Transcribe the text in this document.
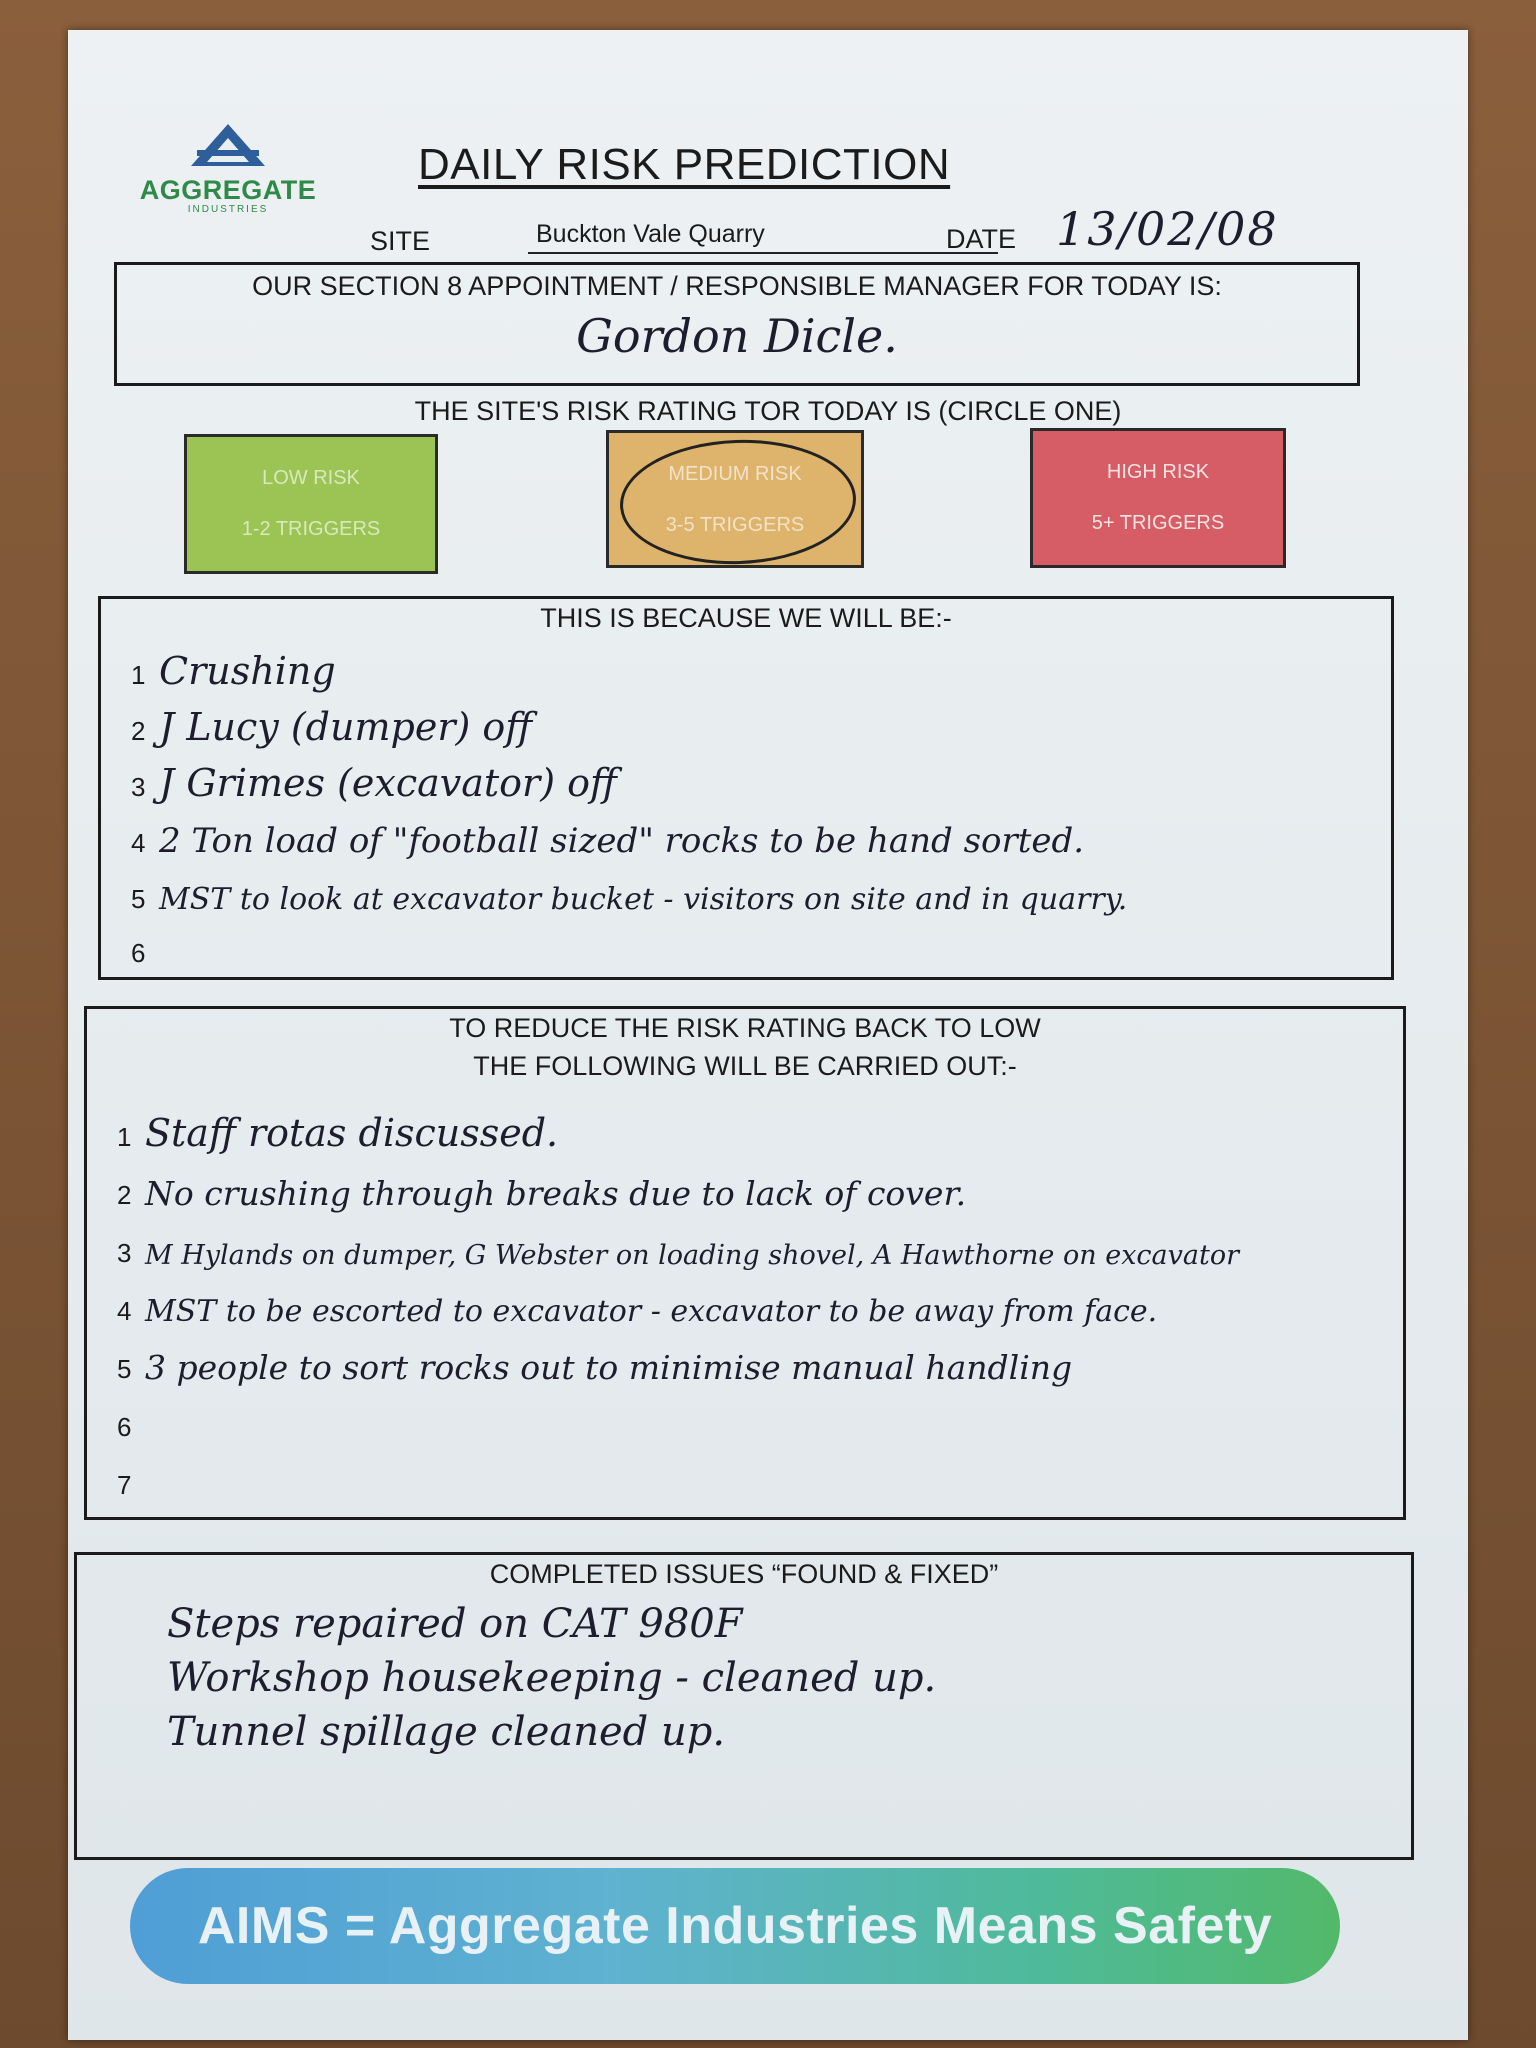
AGGREGATE
INDUSTRIES
DAILY RISK PREDICTION
SITE	Buckton Vale Quarry	DATE 13/02/08
OUR SECTION 8 APPOINTMENT / RESPONSIBLE MANAGER FOR TODAY IS:
Gordon Dicle.
THE SITE'S RISK RATING TOR TODAY IS (CIRCLE ONE)
LOW RISK
1-2 TRIGGERS
MEDIUM RISK
3-5 TRIGGERS
HIGH RISK
5+ TRIGGERS
THIS IS BECAUSE WE WILL BE:-
1 Crushing
2 J Lucy (dumper) off
3 J Grimes (excavator) off
4 2 Ton load of "football sized" rocks to be hand sorted.
5 MST to look at excavator bucket - visitors on site and in quarry.
6
TO REDUCE THE RISK RATING BACK TO LOW
THE FOLLOWING WILL BE CARRIED OUT:-
1 Staff rotas discussed.
2 No crushing through breaks due to lack of cover.
3 M Hylands on dumper, G Webster on loading shovel, A Hawthorne on excavator
4 MST to be escorted to excavator - excavator to be away from face.
5 3 people to sort rocks out to minimise manual handling
6
7
COMPLETED ISSUES “FOUND & FIXED”
Steps repaired on CAT 980F
Workshop housekeeping - cleaned up.
Tunnel spillage cleaned up.
AIMS = Aggregate Industries Means Safety
